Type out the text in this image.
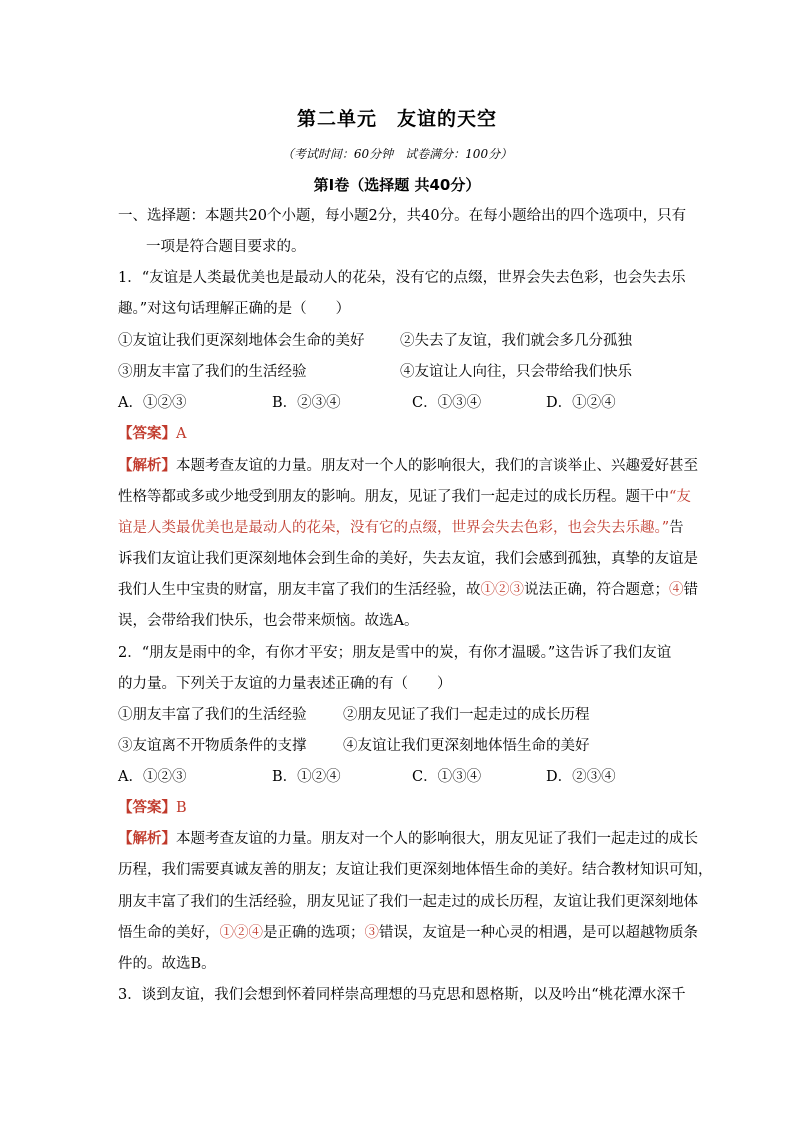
第二单元　友谊的天空
（考试时间：60分钟　试卷满分：100分）
第Ⅰ卷（选择题 共40分）
一、选择题：本题共20个小题，每小题2分，共40分。在每小题给出的四个选项中，只有
一项是符合题目要求的。
1．“友谊是人类最优美也是最动人的花朵，没有它的点缀，世界会失去色彩，也会失去乐
趣。”对这句话理解正确的是（　　）
①友谊让我们更深刻地体会生命的美好 ②失去了友谊，我们就会多几分孤独
③朋友丰富了我们的生活经验	④友谊让人向往，只会带给我们快乐
A．①②③	B．②③④	C．①③④	D．①②④
【答案】A
【解析】本题考查友谊的力量。朋友对一个人的影响很大，我们的言谈举止、兴趣爱好甚至
性格等都或多或少地受到朋友的影响。朋友，见证了我们一起走过的成长历程。题干中“友
谊是人类最优美也是最动人的花朵，没有它的点缀，世界会失去色彩，也会失去乐趣。”告
诉我们友谊让我们更深刻地体会到生命的美好，失去友谊，我们会感到孤独，真挚的友谊是
我们人生中宝贵的财富，朋友丰富了我们的生活经验，故①②③说法正确，符合题意；④错
误，会带给我们快乐，也会带来烦恼。故选A。
2．“朋友是雨中的伞，有你才平安；朋友是雪中的炭，有你才温暖。”这告诉了我们友谊
的力量。下列关于友谊的力量表述正确的有（　　）
①朋友丰富了我们的生活经验	②朋友见证了我们一起走过的成长历程
③友谊离不开物质条件的支撑	④友谊让我们更深刻地体悟生命的美好
A．①②③	B．①②④	C．①③④	D．②③④
【答案】B
【解析】本题考查友谊的力量。朋友对一个人的影响很大，朋友见证了我们一起走过的成长
历程，我们需要真诚友善的朋友；友谊让我们更深刻地体悟生命的美好。结合教材知识可知，
朋友丰富了我们的生活经验，朋友见证了我们一起走过的成长历程，友谊让我们更深刻地体
悟生命的美好，①②④是正确的选项；③错误，友谊是一种心灵的相遇，是可以超越物质条
件的。故选B。
3．谈到友谊，我们会想到怀着同样崇高理想的马克思和恩格斯，以及吟出“桃花潭水深千
